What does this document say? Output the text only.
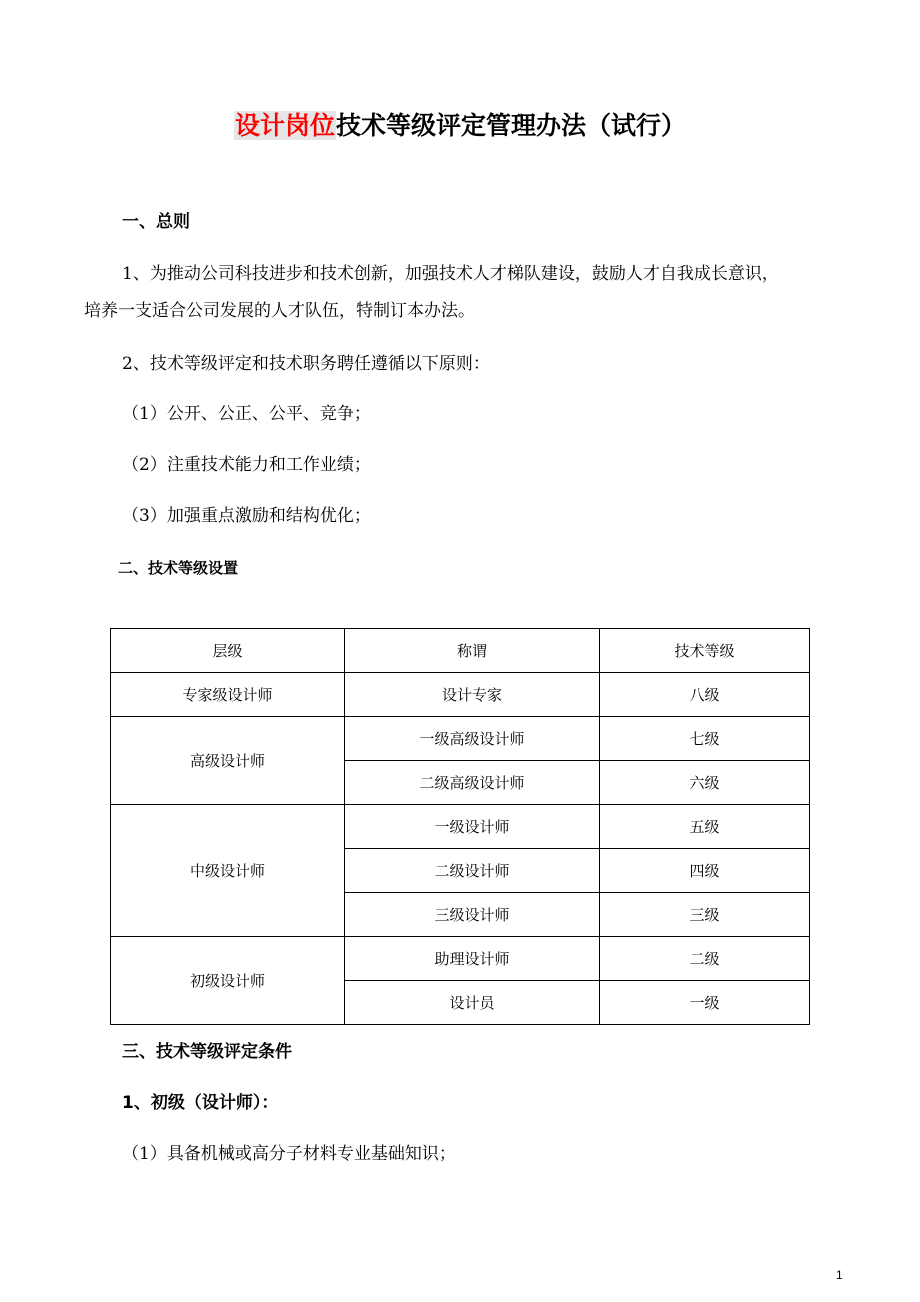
设计岗位技术等级评定管理办法（试行）
一、总则
1、为推动公司科技进步和技术创新，加强技术人才梯队建设，鼓励人才自我成长意识，
培养一支适合公司发展的人才队伍，特制订本办法。
2、技术等级评定和技术职务聘任遵循以下原则：
（1）公开、公正、公平、竞争；
（2）注重技术能力和工作业绩；
（3）加强重点激励和结构优化；
二、技术等级设置
层级	称谓	技术等级
专家级设计师	设计专家	八级
高级设计师	一级高级设计师	七级
	二级高级设计师	六级
中级设计师	一级设计师	五级
	二级设计师	四级
	三级设计师	三级
初级设计师	助理设计师	二级
	设计员	一级
三、技术等级评定条件
1、初级（设计师）：
（1）具备机械或高分子材料专业基础知识；
1
